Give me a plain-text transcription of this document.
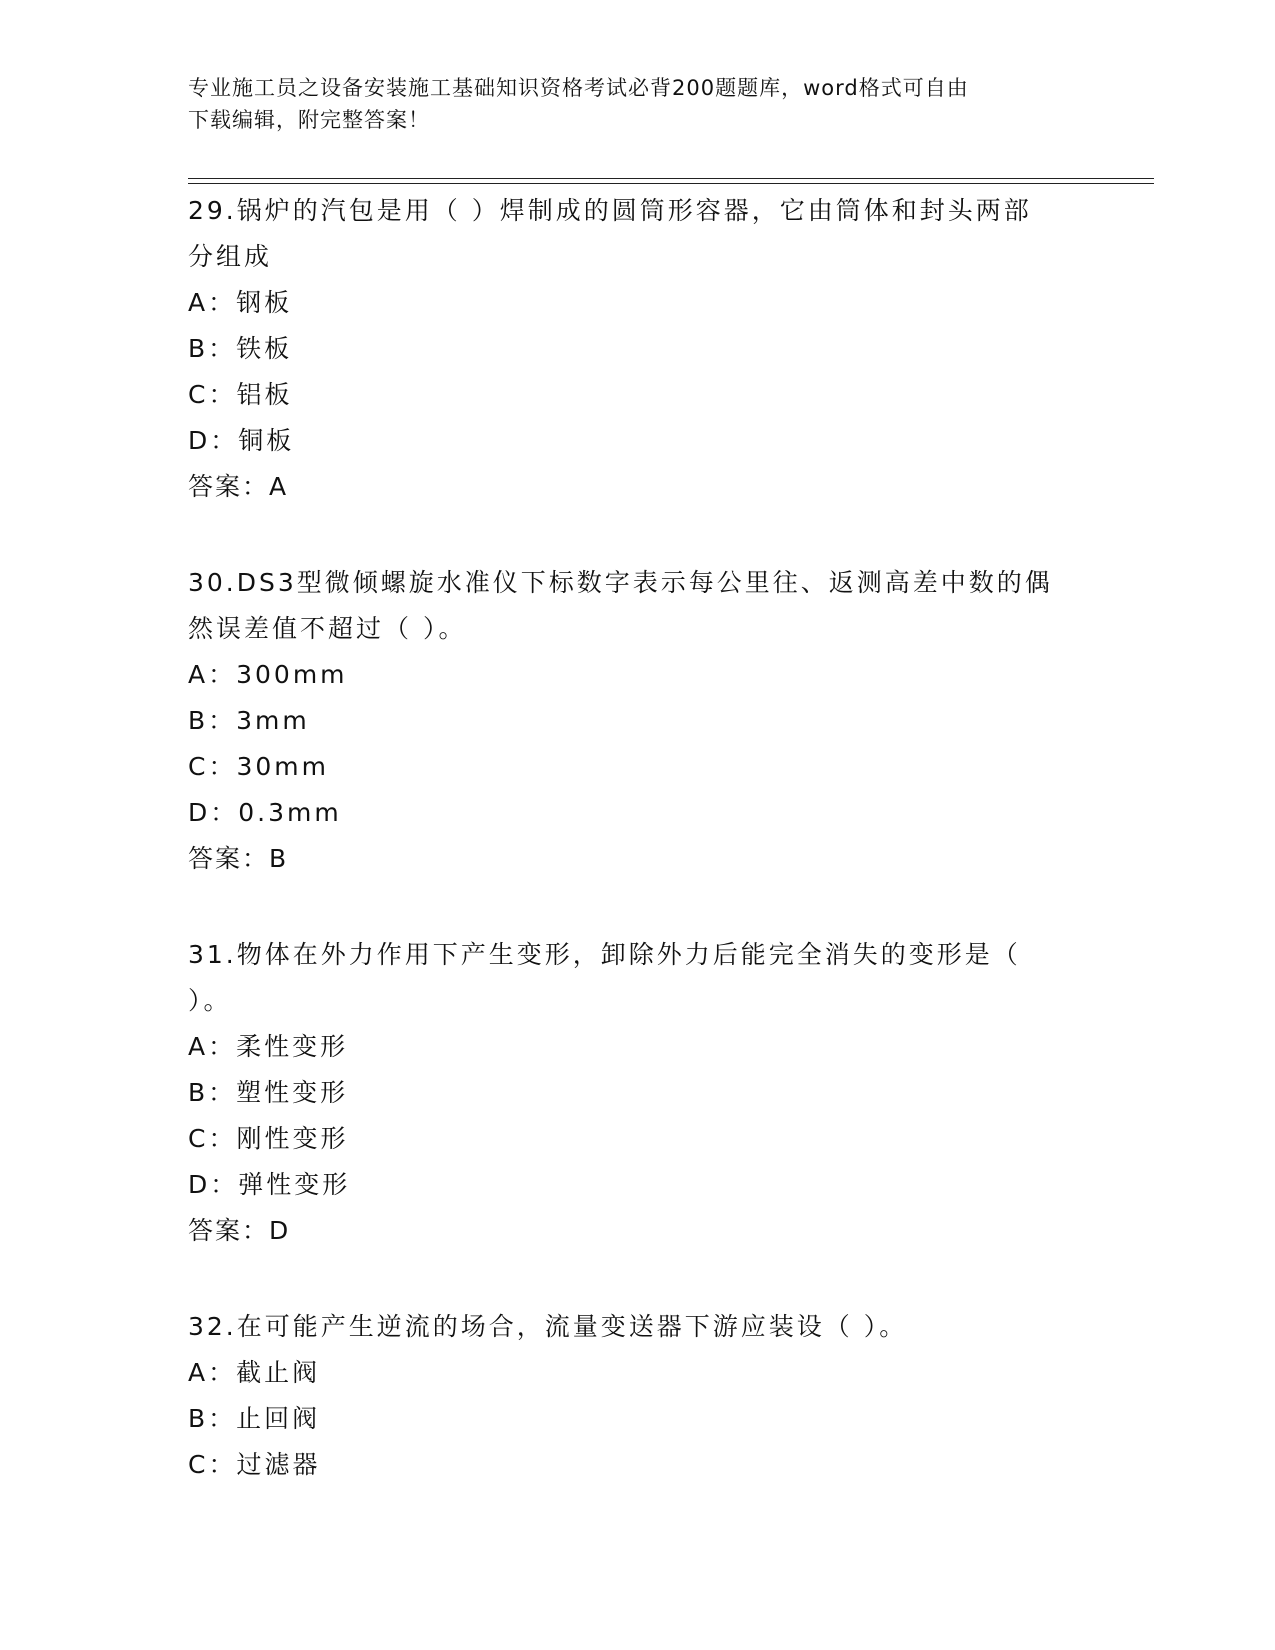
专业施工员之设备安装施工基础知识资格考试必背200题题库，word格式可自由
下载编辑，附完整答案！
29.锅炉的汽包是用（ ）焊制成的圆筒形容器，它由筒体和封头两部
分组成
A：钢板
B：铁板
C：铝板
D：铜板
答案：A
30.DS3型微倾螺旋水准仪下标数字表示每公里往、返测高差中数的偶
然误差值不超过（ ）。
A：300mm
B：3mm
C：30mm
D：0.3mm
答案：B
31.物体在外力作用下产生变形，卸除外力后能完全消失的变形是（
）。
A：柔性变形
B：塑性变形
C：刚性变形
D：弹性变形
答案：D
32.在可能产生逆流的场合，流量变送器下游应装设（ ）。
A：截止阀
B：止回阀
C：过滤器
